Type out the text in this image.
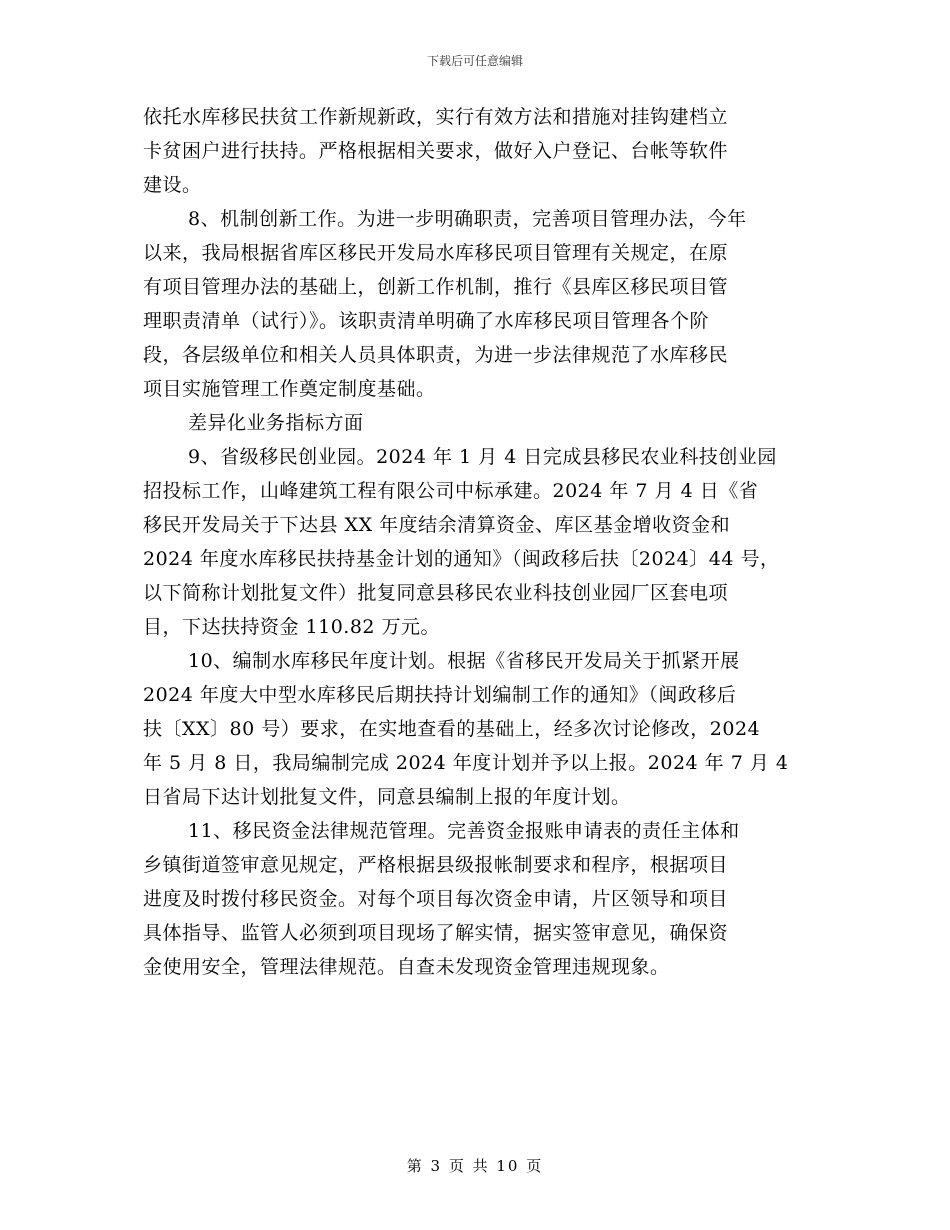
下载后可任意编辑
依托水库移民扶贫工作新规新政，实行有效方法和措施对挂钩建档立
卡贫困户进行扶持。严格根据相关要求，做好入户登记、台帐等软件
建设。
8、机制创新工作。为进一步明确职责，完善项目管理办法，今年
以来，我局根据省库区移民开发局水库移民项目管理有关规定，在原
有项目管理办法的基础上，创新工作机制，推行《县库区移民项目管
理职责清单（试行）》。该职责清单明确了水库移民项目管理各个阶
段，各层级单位和相关人员具体职责，为进一步法律规范了水库移民
项目实施管理工作奠定制度基础。
差异化业务指标方面
9、省级移民创业园。2024 年 1 月 4 日完成县移民农业科技创业园
招投标工作，山峰建筑工程有限公司中标承建。2024 年 7 月 4 日《省
移民开发局关于下达县 XX 年度结余清算资金、库区基金增收资金和
2024 年度水库移民扶持基金计划的通知》（闽政移后扶〔2024〕44 号，
以下简称计划批复文件）批复同意县移民农业科技创业园厂区套电项
目，下达扶持资金 110.82 万元。
10、编制水库移民年度计划。根据《省移民开发局关于抓紧开展
2024 年度大中型水库移民后期扶持计划编制工作的通知》（闽政移后
扶〔XX〕80 号）要求，在实地查看的基础上，经多次讨论修改，2024
年 5 月 8 日，我局编制完成 2024 年度计划并予以上报。2024 年 7 月 4
日省局下达计划批复文件，同意县编制上报的年度计划。
11、移民资金法律规范管理。完善资金报账申请表的责任主体和
乡镇街道签审意见规定，严格根据县级报帐制要求和程序，根据项目
进度及时拨付移民资金。对每个项目每次资金申请，片区领导和项目
具体指导、监管人必须到项目现场了解实情，据实签审意见，确保资
金使用安全，管理法律规范。自查未发现资金管理违规现象。
第 3 页 共 10 页
